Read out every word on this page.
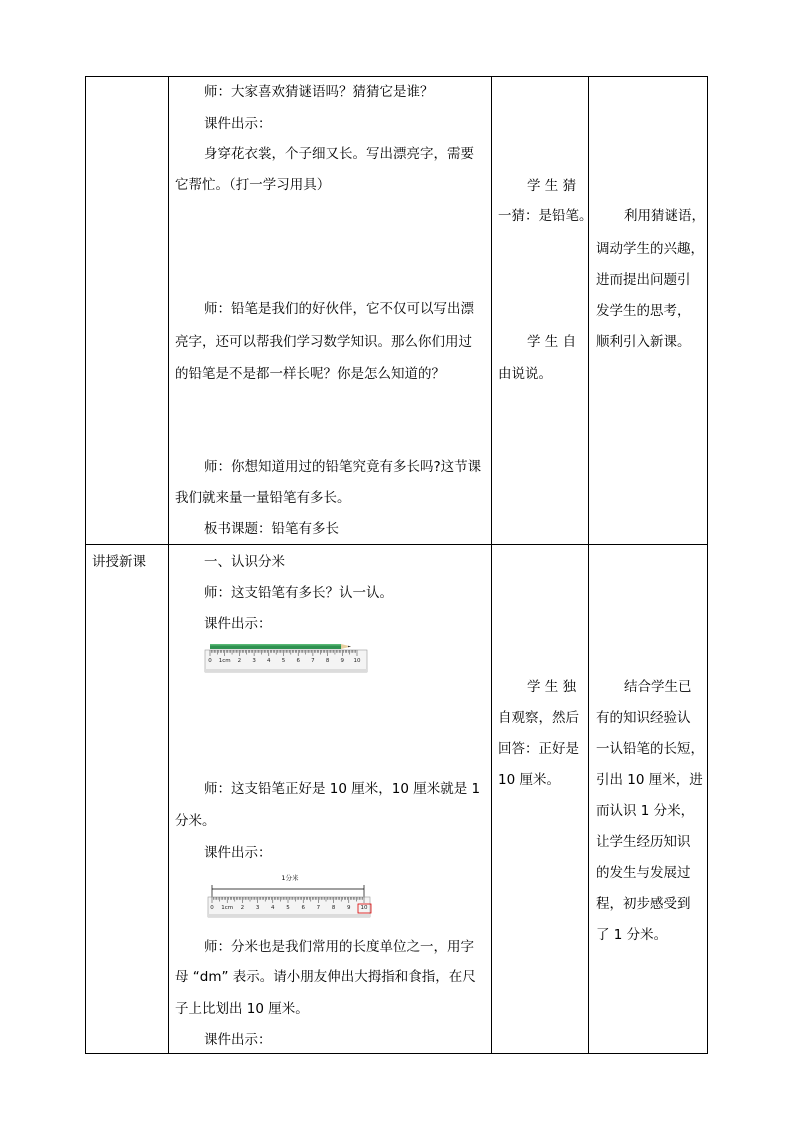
师：大家喜欢猜谜语吗？猜猜它是谁？
课件出示：
身穿花衣裳，个子细又长。写出漂亮字，需要
它帮忙。（打一学习用具）
师：铅笔是我们的好伙伴，它不仅可以写出漂
亮字，还可以帮我们学习数学知识。那么你们用过
的铅笔是不是都一样长呢？你是怎么知道的？
师：你想知道用过的铅笔究竟有多长吗?这节课
我们就来量一量铅笔有多长。
板书课题：铅笔有多长
学 生 猜
一猜：是铅笔。
学 生 自
由说说。
利用猜谜语，
调动学生的兴趣，
进而提出问题引
发学生的思考，
顺利引入新课。
讲授新课	一、认识分米
师：这支铅笔有多长？认一认。
课件出示：
0 1cm 2 3 4 5 6 7 8 9 10
师：这支铅笔正好是 10 厘米，10 厘米就是 1
分米。
课件出示：
1分米
0 1cm 2 3 4 5 6 7 8 9 10
师：分米也是我们常用的长度单位之一，用字
母 “dm” 表示。请小朋友伸出大拇指和食指，在尺
子上比划出 10 厘米。
课件出示：
学 生 独
自观察，然后
回答：正好是
10 厘米。
结合学生已
有的知识经验认
一认铅笔的长短，
引出 10 厘米，进
而认识 1 分米，
让学生经历知识
的发生与发展过
程，初步感受到
了 1 分米。
